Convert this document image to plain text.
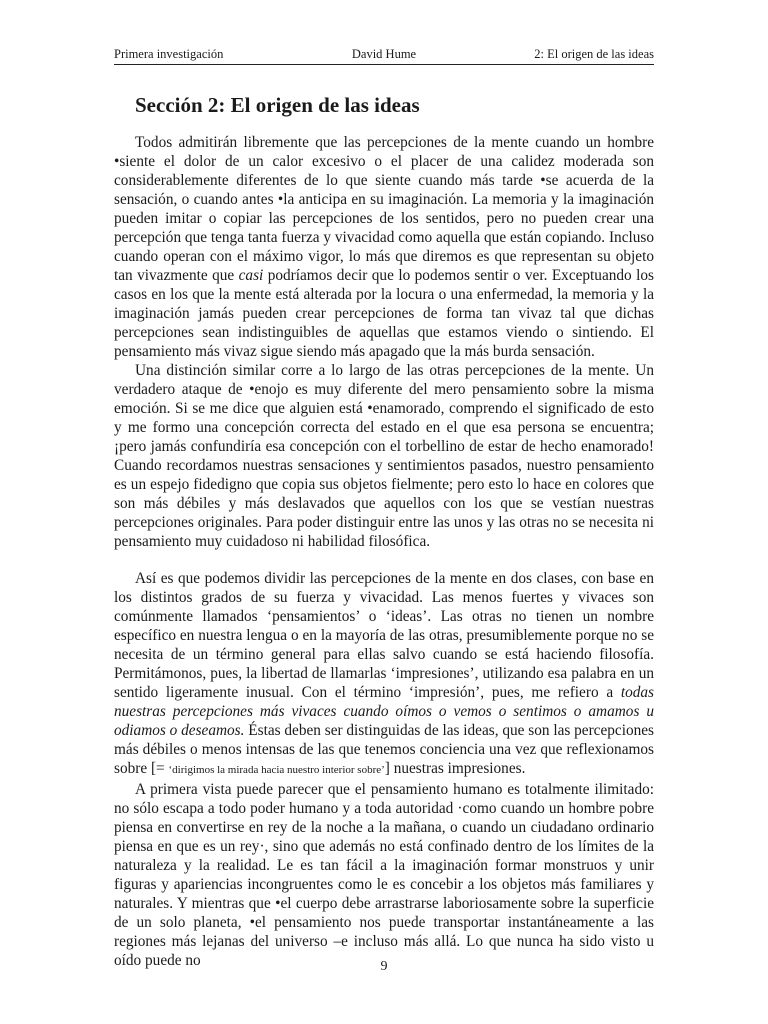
Primera investigación	David Hume	2: El origen de las ideas
Sección 2: El origen de las ideas

Todos admitirán libremente que las percepciones de la mente cuando un hombre •siente el dolor de un calor excesivo o el placer de una calidez moderada son considerablemente diferentes de lo que siente cuando más tarde •se acuerda de la sensación, o cuando antes •la anticipa en su imaginación. La memoria y la imaginación pueden imitar o copiar las percepciones de los sentidos, pero no pueden crear una percepción que tenga tanta fuerza y vivacidad como aquella que están copiando. Incluso cuando operan con el máximo vigor, lo más que diremos es que representan su objeto tan vivazmente que casi podríamos decir que lo podemos sentir o ver. Exceptuando los casos en los que la mente está alterada por la locura o una enfermedad, la memoria y la imaginación jamás pueden crear percepciones de forma tan vivaz tal que dichas percepciones sean indistinguibles de aquellas que estamos viendo o sintiendo. El pensamiento más vivaz sigue siendo más apagado que la más burda sensación.

Una distinción similar corre a lo largo de las otras percepciones de la mente. Un verdadero ataque de •enojo es muy diferente del mero pensamiento sobre la misma emoción. Si se me dice que alguien está •enamorado, comprendo el significado de esto y me formo una concepción correcta del estado en el que esa persona se encuentra; ¡pero jamás confundiría esa concepción con el torbellino de estar de hecho enamorado! Cuando recordamos nuestras sensaciones y sentimientos pasados, nuestro pensamiento es un espejo fidedigno que copia sus objetos fielmente; pero esto lo hace en colores que son más débiles y más deslavados que aquellos con los que se vestían nuestras percepciones originales. Para poder distinguir entre las unos y las otras no se necesita ni pensamiento muy cuidadoso ni habilidad filosófica.

Así es que podemos dividir las percepciones de la mente en dos clases, con base en los distintos grados de su fuerza y vivacidad. Las menos fuertes y vivaces son comúnmente llamados ‘pensamientos’ o ‘ideas’. Las otras no tienen un nombre específico en nuestra lengua o en la mayoría de las otras, presumiblemente porque no se necesita de un término general para ellas salvo cuando se está haciendo filosofía. Permitámonos, pues, la libertad de llamarlas ‘impresiones’, utilizando esa palabra en un sentido ligeramente inusual. Con el término ‘impresión’, pues, me refiero a todas nuestras percepciones más vivaces cuando oímos o vemos o sentimos o amamos u odiamos o deseamos. Éstas deben ser distinguidas de las ideas, que son las percepciones más débiles o menos intensas de las que tenemos conciencia una vez que reflexionamos sobre [= ‘dirigimos la mirada hacia nuestro interior sobre’] nuestras impresiones.

A primera vista puede parecer que el pensamiento humano es totalmente ilimitado: no sólo escapa a todo poder humano y a toda autoridad ·como cuando un hombre pobre piensa en convertirse en rey de la noche a la mañana, o cuando un ciudadano ordinario piensa en que es un rey·, sino que además no está confinado dentro de los límites de la naturaleza y la realidad. Le es tan fácil a la imaginación formar monstruos y unir figuras y apariencias incongruentes como le es concebir a los objetos más familiares y naturales. Y mientras que •el cuerpo debe arrastrarse laboriosamente sobre la superficie de un solo planeta, •el pensamiento nos puede transportar instantáneamente a las regiones más lejanas del universo –e incluso más allá. Lo que nunca ha sido visto u oído puede no	9
